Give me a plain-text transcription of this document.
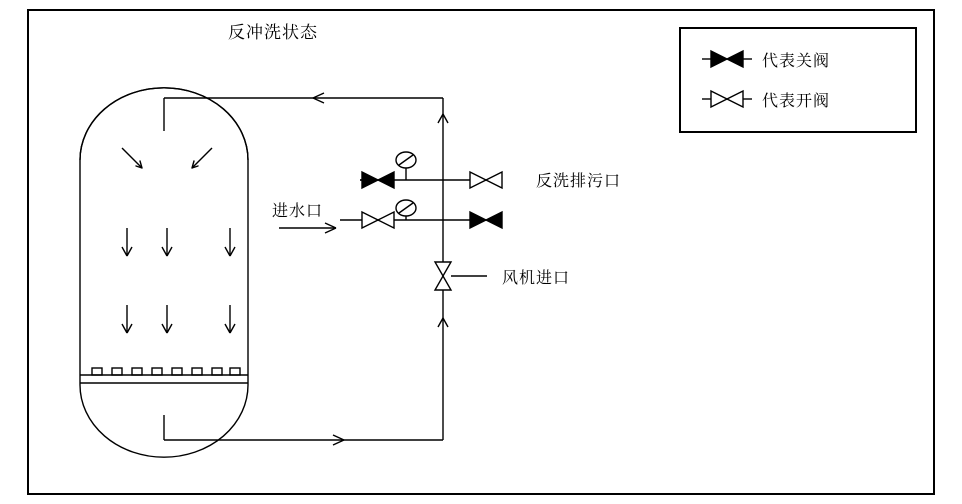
反冲洗状态
进水口
反洗排污口
风机进口
代表关阀
代表开阀
